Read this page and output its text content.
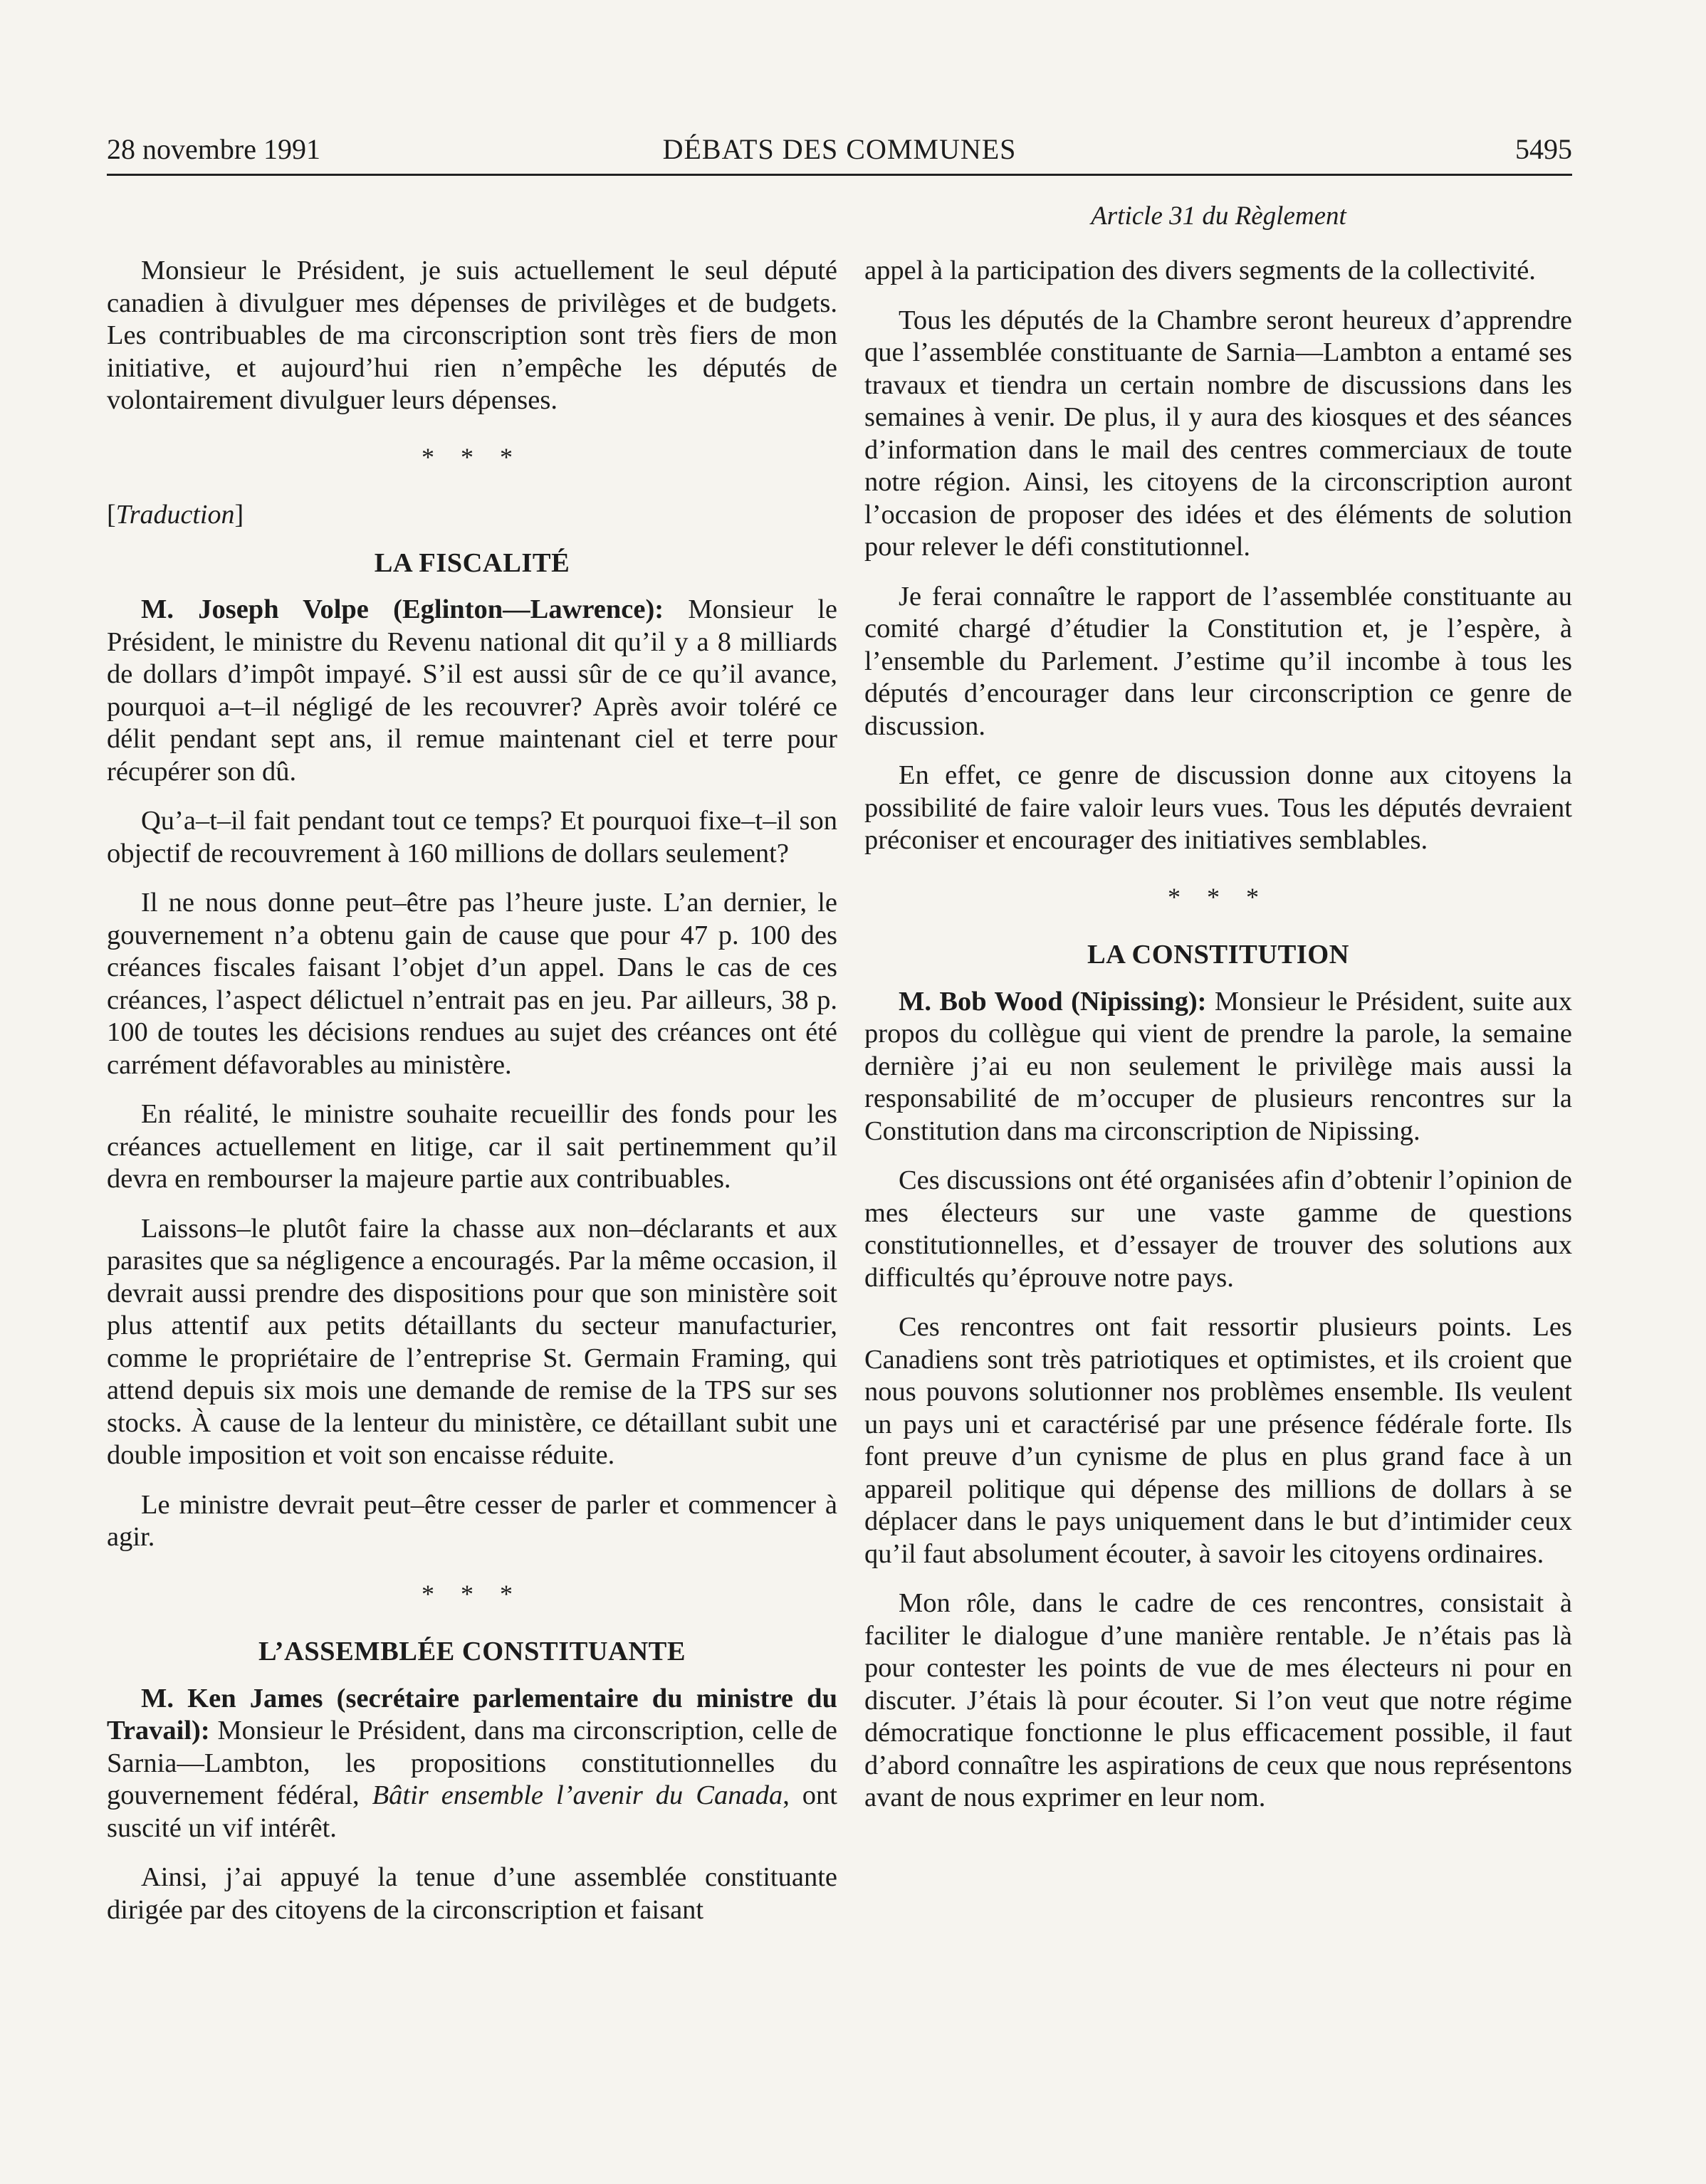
28 novembre 1991	DÉBATS DES COMMUNES	5495
Article 31 du Règlement

Monsieur le Président, je suis actuellement le seul député canadien à divulguer mes dépenses de privilèges et de budgets. Les contribuables de ma circonscription sont très fiers de mon initiative, et aujourd’hui rien n’empêche les députés de volontairement divulguer leurs dépenses.

* * *
[Traduction]
LA FISCALITÉ

M. Joseph Volpe (Eglinton—Lawrence): Monsieur le Président, le ministre du Revenu national dit qu’il y a 8 milliards de dollars d’impôt impayé. S’il est aussi sûr de ce qu’il avance, pourquoi a–t–il négligé de les recouvrer? Après avoir toléré ce délit pendant sept ans, il remue maintenant ciel et terre pour récupérer son dû.

Qu’a–t–il fait pendant tout ce temps? Et pourquoi fixe–t–il son objectif de recouvrement à 160 millions de dollars seulement?

Il ne nous donne peut–être pas l’heure juste. L’an dernier, le gouvernement n’a obtenu gain de cause que pour 47 p. 100 des créances fiscales faisant l’objet d’un appel. Dans le cas de ces créances, l’aspect délictuel n’entrait pas en jeu. Par ailleurs, 38 p. 100 de toutes les décisions rendues au sujet des créances ont été carrément défavorables au ministère.

En réalité, le ministre souhaite recueillir des fonds pour les créances actuellement en litige, car il sait pertinemment qu’il devra en rembourser la majeure partie aux contribuables.

Laissons–le plutôt faire la chasse aux non–déclarants et aux parasites que sa négligence a encouragés. Par la même occasion, il devrait aussi prendre des dispositions pour que son ministère soit plus attentif aux petits détaillants du secteur manufacturier, comme le propriétaire de l’entreprise St. Germain Framing, qui attend depuis six mois une demande de remise de la TPS sur ses stocks. À cause de la lenteur du ministère, ce détaillant subit une double imposition et voit son encaisse réduite.

Le ministre devrait peut–être cesser de parler et commencer à agir.

* * *
L’ASSEMBLÉE CONSTITUANTE

M. Ken James (secrétaire parlementaire du ministre du Travail): Monsieur le Président, dans ma circonscription, celle de Sarnia—Lambton, les propositions constitutionnelles du gouvernement fédéral, Bâtir ensemble l’avenir du Canada, ont suscité un vif intérêt.

Ainsi, j’ai appuyé la tenue d’une assemblée constituante dirigée par des citoyens de la circonscription et faisant

appel à la participation des divers segments de la collectivité.

Tous les députés de la Chambre seront heureux d’apprendre que l’assemblée constituante de Sarnia—Lambton a entamé ses travaux et tiendra un certain nombre de discussions dans les semaines à venir. De plus, il y aura des kiosques et des séances d’information dans le mail des centres commerciaux de toute notre région. Ainsi, les citoyens de la circonscription auront l’occasion de proposer des idées et des éléments de solution pour relever le défi constitutionnel.

Je ferai connaître le rapport de l’assemblée constituante au comité chargé d’étudier la Constitution et, je l’espère, à l’ensemble du Parlement. J’estime qu’il incombe à tous les députés d’encourager dans leur circonscription ce genre de discussion.

En effet, ce genre de discussion donne aux citoyens la possibilité de faire valoir leurs vues. Tous les députés devraient préconiser et encourager des initiatives semblables.

* * *
LA CONSTITUTION

M. Bob Wood (Nipissing): Monsieur le Président, suite aux propos du collègue qui vient de prendre la parole, la semaine dernière j’ai eu non seulement le privilège mais aussi la responsabilité de m’occuper de plusieurs rencontres sur la Constitution dans ma circonscription de Nipissing.

Ces discussions ont été organisées afin d’obtenir l’opinion de mes électeurs sur une vaste gamme de questions constitutionnelles, et d’essayer de trouver des solutions aux difficultés qu’éprouve notre pays.

Ces rencontres ont fait ressortir plusieurs points. Les Canadiens sont très patriotiques et optimistes, et ils croient que nous pouvons solutionner nos problèmes ensemble. Ils veulent un pays uni et caractérisé par une présence fédérale forte. Ils font preuve d’un cynisme de plus en plus grand face à un appareil politique qui dépense des millions de dollars à se déplacer dans le pays uniquement dans le but d’intimider ceux qu’il faut absolument écouter, à savoir les citoyens ordinaires.

Mon rôle, dans le cadre de ces rencontres, consistait à faciliter le dialogue d’une manière rentable. Je n’étais pas là pour contester les points de vue de mes électeurs ni pour en discuter. J’étais là pour écouter. Si l’on veut que notre régime démocratique fonctionne le plus efficacement possible, il faut d’abord connaître les aspirations de ceux que nous représentons avant de nous exprimer en leur nom.
